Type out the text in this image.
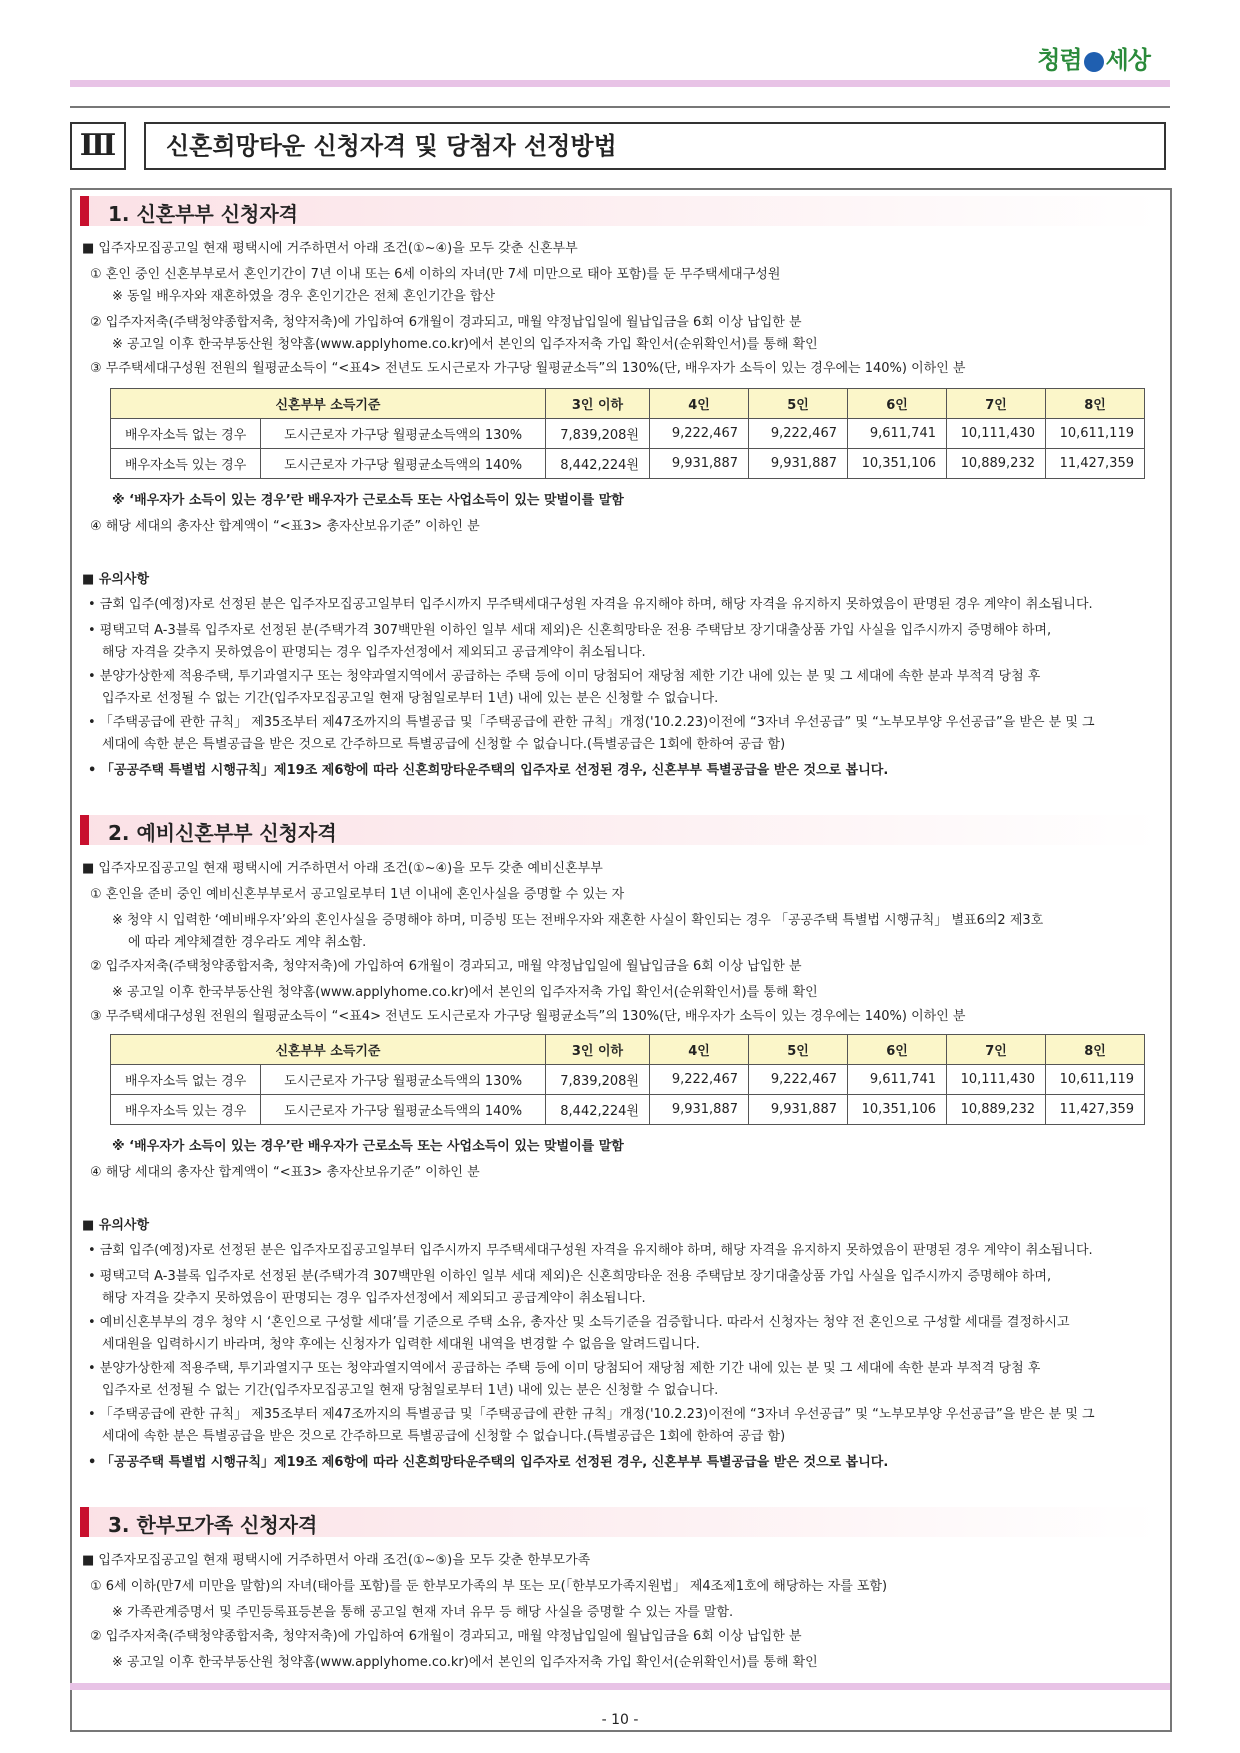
청렴 세상
Ⅲ	신혼희망타운 신청자격 및 당첨자 선정방법
1. 신혼부부 신청자격
■ 입주자모집공고일 현재 평택시에 거주하면서 아래 조건(①~④)을 모두 갖춘 신혼부부
① 혼인 중인 신혼부부로서 혼인기간이 7년 이내 또는 6세 이하의 자녀(만 7세 미만으로 태아 포함)를 둔 무주택세대구성원
※ 동일 배우자와 재혼하였을 경우 혼인기간은 전체 혼인기간을 합산
② 입주자저축(주택청약종합저축, 청약저축)에 가입하여 6개월이 경과되고, 매월 약정납입일에 월납입금을 6회 이상 납입한 분
※ 공고일 이후 한국부동산원 청약홈(www.applyhome.co.kr)에서 본인의 입주자저축 가입 확인서(순위확인서)를 통해 확인
③ 무주택세대구성원 전원의 월평균소득이 “<표4> 전년도 도시근로자 가구당 월평균소득”의 130%(단, 배우자가 소득이 있는 경우에는 140%) 이하인 분
신혼부부 소득기준		3인 이하	4인	5인	6인	7인	8인
배우자소득 없는 경우	도시근로자 가구당 월평균소득액의 130%	7,839,208원	9,222,467	9,222,467	9,611,741	10,111,430	10,611,119
배우자소득 있는 경우	도시근로자 가구당 월평균소득액의 140%	8,442,224원	9,931,887	9,931,887	10,351,106	10,889,232	11,427,359
※ ‘배우자가 소득이 있는 경우’란 배우자가 근로소득 또는 사업소득이 있는 맞벌이를 말함
④ 해당 세대의 총자산 합계액이 “<표3> 총자산보유기준” 이하인 분
■ 유의사항
• 금회 입주(예정)자로 선정된 분은 입주자모집공고일부터 입주시까지 무주택세대구성원 자격을 유지해야 하며, 해당 자격을 유지하지 못하였음이 판명된 경우 계약이 취소됩니다.
• 평택고덕 A-3블록 입주자로 선정된 분(주택가격 307백만원 이하인 일부 세대 제외)은 신혼희망타운 전용 주택담보 장기대출상품 가입 사실을 입주시까지 증명해야 하며,
해당 자격을 갖추지 못하였음이 판명되는 경우 입주자선정에서 제외되고 공급계약이 취소됩니다.
• 분양가상한제 적용주택, 투기과열지구 또는 청약과열지역에서 공급하는 주택 등에 이미 당첨되어 재당첨 제한 기간 내에 있는 분 및 그 세대에 속한 분과 부적격 당첨 후
입주자로 선정될 수 없는 기간(입주자모집공고일 현재 당첨일로부터 1년) 내에 있는 분은 신청할 수 없습니다.
• 「주택공급에 관한 규칙」 제35조부터 제47조까지의 특별공급 및「주택공급에 관한 규칙」개정('10.2.23)이전에 “3자녀 우선공급” 및 “노부모부양 우선공급”을 받은 분 및 그
세대에 속한 분은 특별공급을 받은 것으로 간주하므로 특별공급에 신청할 수 없습니다.(특별공급은 1회에 한하여 공급 함)
• 「공공주택 특별법 시행규칙」제19조 제6항에 따라 신혼희망타운주택의 입주자로 선정된 경우, 신혼부부 특별공급을 받은 것으로 봅니다.
2. 예비신혼부부 신청자격
■ 입주자모집공고일 현재 평택시에 거주하면서 아래 조건(①~④)을 모두 갖춘 예비신혼부부
① 혼인을 준비 중인 예비신혼부부로서 공고일로부터 1년 이내에 혼인사실을 증명할 수 있는 자
※ 청약 시 입력한 ‘예비배우자’와의 혼인사실을 증명해야 하며, 미증빙 또는 전배우자와 재혼한 사실이 확인되는 경우 「공공주택 특별법 시행규칙」 별표6의2 제3호
에 따라 계약체결한 경우라도 계약 취소함.
② 입주자저축(주택청약종합저축, 청약저축)에 가입하여 6개월이 경과되고, 매월 약정납입일에 월납입금을 6회 이상 납입한 분
※ 공고일 이후 한국부동산원 청약홈(www.applyhome.co.kr)에서 본인의 입주자저축 가입 확인서(순위확인서)를 통해 확인
③ 무주택세대구성원 전원의 월평균소득이 “<표4> 전년도 도시근로자 가구당 월평균소득”의 130%(단, 배우자가 소득이 있는 경우에는 140%) 이하인 분
신혼부부 소득기준		3인 이하	4인	5인	6인	7인	8인
배우자소득 없는 경우	도시근로자 가구당 월평균소득액의 130%	7,839,208원	9,222,467	9,222,467	9,611,741	10,111,430	10,611,119
배우자소득 있는 경우	도시근로자 가구당 월평균소득액의 140%	8,442,224원	9,931,887	9,931,887	10,351,106	10,889,232	11,427,359
※ ‘배우자가 소득이 있는 경우’란 배우자가 근로소득 또는 사업소득이 있는 맞벌이를 말함
④ 해당 세대의 총자산 합계액이 “<표3> 총자산보유기준” 이하인 분
■ 유의사항
• 금회 입주(예정)자로 선정된 분은 입주자모집공고일부터 입주시까지 무주택세대구성원 자격을 유지해야 하며, 해당 자격을 유지하지 못하였음이 판명된 경우 계약이 취소됩니다.
• 평택고덕 A-3블록 입주자로 선정된 분(주택가격 307백만원 이하인 일부 세대 제외)은 신혼희망타운 전용 주택담보 장기대출상품 가입 사실을 입주시까지 증명해야 하며,
해당 자격을 갖추지 못하였음이 판명되는 경우 입주자선정에서 제외되고 공급계약이 취소됩니다.
• 예비신혼부부의 경우 청약 시 ‘혼인으로 구성할 세대’를 기준으로 주택 소유, 총자산 및 소득기준을 검증합니다. 따라서 신청자는 청약 전 혼인으로 구성할 세대를 결정하시고
세대원을 입력하시기 바라며, 청약 후에는 신청자가 입력한 세대원 내역을 변경할 수 없음을 알려드립니다.
• 분양가상한제 적용주택, 투기과열지구 또는 청약과열지역에서 공급하는 주택 등에 이미 당첨되어 재당첨 제한 기간 내에 있는 분 및 그 세대에 속한 분과 부적격 당첨 후
입주자로 선정될 수 없는 기간(입주자모집공고일 현재 당첨일로부터 1년) 내에 있는 분은 신청할 수 없습니다.
• 「주택공급에 관한 규칙」 제35조부터 제47조까지의 특별공급 및「주택공급에 관한 규칙」개정('10.2.23)이전에 “3자녀 우선공급” 및 “노부모부양 우선공급”을 받은 분 및 그
세대에 속한 분은 특별공급을 받은 것으로 간주하므로 특별공급에 신청할 수 없습니다.(특별공급은 1회에 한하여 공급 함)
• 「공공주택 특별법 시행규칙」제19조 제6항에 따라 신혼희망타운주택의 입주자로 선정된 경우, 신혼부부 특별공급을 받은 것으로 봅니다.
3. 한부모가족 신청자격
■ 입주자모집공고일 현재 평택시에 거주하면서 아래 조건(①~⑤)을 모두 갖춘 한부모가족
① 6세 이하(만7세 미만을 말함)의 자녀(태아를 포함)를 둔 한부모가족의 부 또는 모(「한부모가족지원법」 제4조제1호에 해당하는 자를 포함)
※ 가족관계증명서 및 주민등록표등본을 통해 공고일 현재 자녀 유무 등 해당 사실을 증명할 수 있는 자를 말함.
② 입주자저축(주택청약종합저축, 청약저축)에 가입하여 6개월이 경과되고, 매월 약정납입일에 월납입금을 6회 이상 납입한 분
※ 공고일 이후 한국부동산원 청약홈(www.applyhome.co.kr)에서 본인의 입주자저축 가입 확인서(순위확인서)를 통해 확인
- 10 -
